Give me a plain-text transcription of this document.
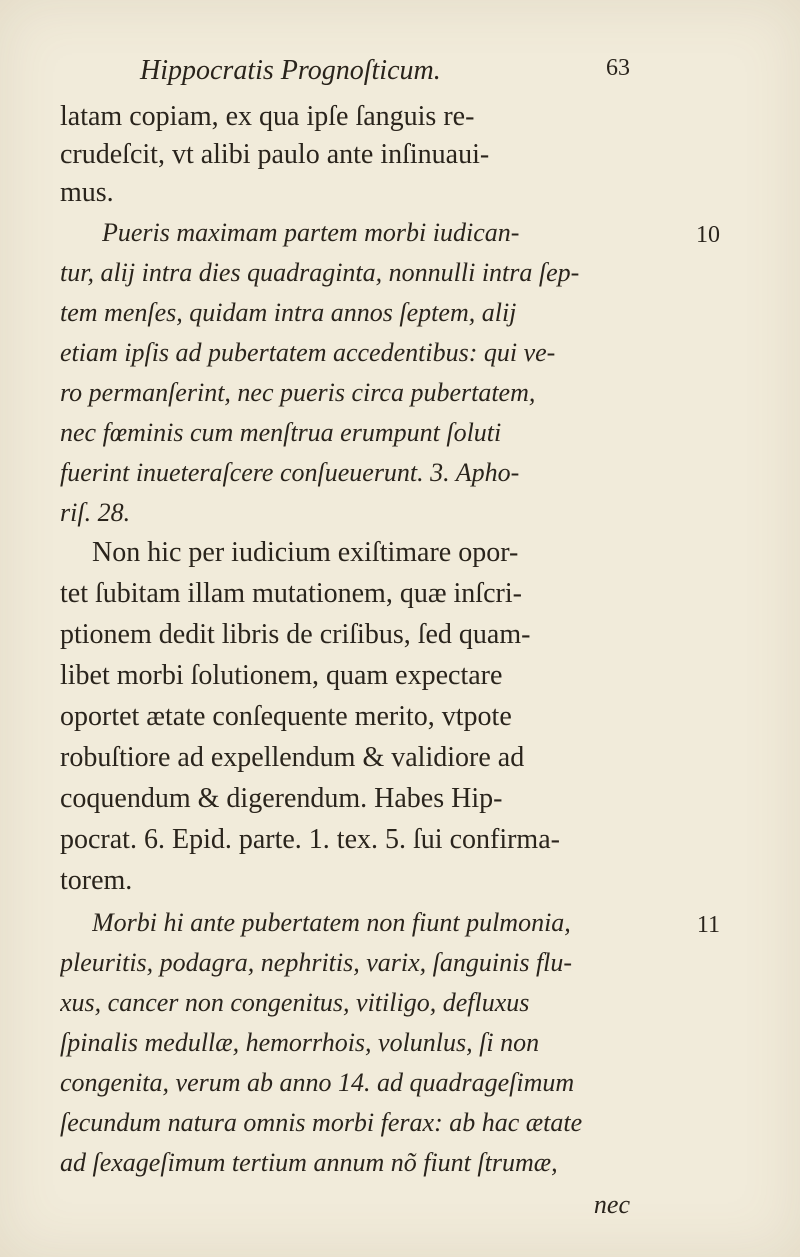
Hippocratis Prognoſticum.	63
latam copiam, ex qua ipſe ſanguis re-
crudeſcit, vt alibi paulo ante inſinuaui-
mus.
10
Pueris maximam partem morbi iudican-
tur, alij intra dies quadraginta, nonnulli intra ſep-
tem menſes, quidam intra annos ſeptem, alij
etiam ipſis ad pubertatem accedentibus: qui ve-
ro permanſerint, nec pueris circa pubertatem,
nec fœminis cum menſtrua erumpunt ſoluti
fuerint inueteraſcere conſueuerunt. 3. Apho-
riſ. 28.
Non hic per iudicium exiſtimare opor-
tet ſubitam illam mutationem, quæ inſcri-
ptionem dedit libris de criſibus, ſed quam-
libet morbi ſolutionem, quam expectare
oportet ætate conſequente merito, vtpote
robuſtiore ad expellendum & validiore ad
coquendum & digerendum. Habes Hip-
pocrat. 6. Epid. parte. 1. tex. 5. ſui confirma-
torem.
11
Morbi hi ante pubertatem non fiunt pulmonia,
pleuritis, podagra, nephritis, varix, ſanguinis flu-
xus, cancer non congenitus, vitiligo, defluxus
ſpinalis medullæ, hemorrhois, volunlus, ſi non
congenita, verum ab anno 14. ad quadrageſimum
ſecundum natura omnis morbi ferax: ab hac ætate
ad ſexageſimum tertium annum nõ fiunt ſtrumæ,
nec
